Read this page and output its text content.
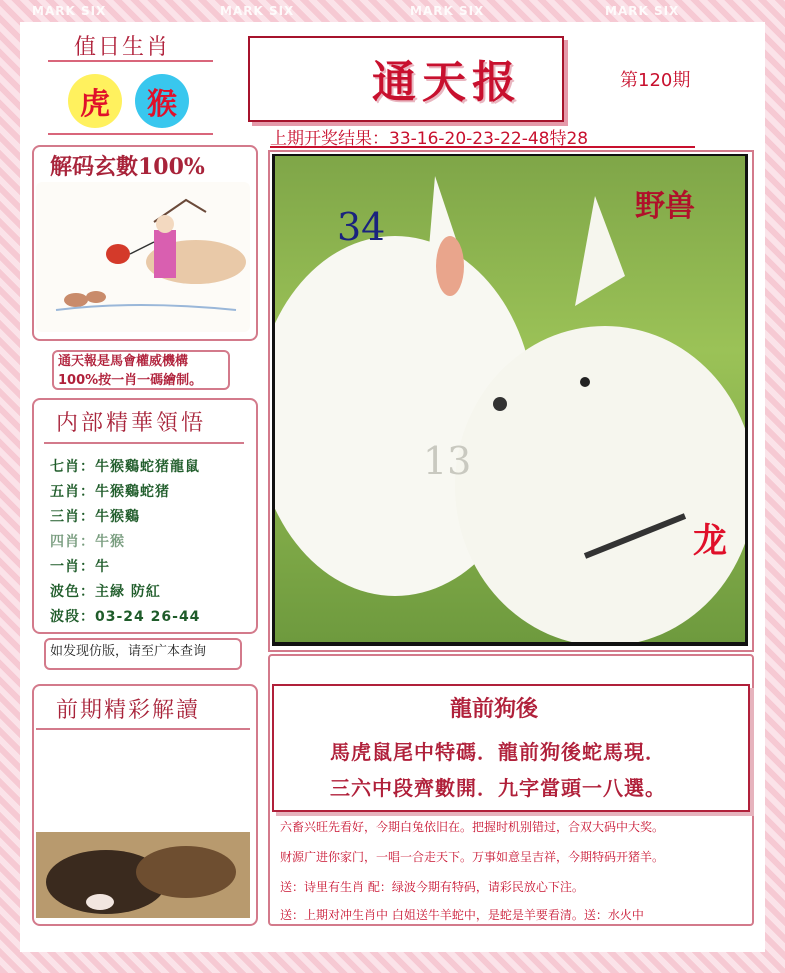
MARK SIX	MARK SIX	MARK SIX	MARK SIX
值日生肖
虎	猴
解码玄數100%
通天報是馬會權威機構
100%按一肖一碼繪制。
内部精華領悟
七肖：牛猴鷄蛇猪龍鼠
五肖：牛猴鷄蛇猪
三肖：牛猴鷄
四肖：牛猴
一肖：牛
波色：主緑 防紅
波段：03-24 26-44
如发现仿版，请至广本查询
前期精彩解讀
通天报	第120期
上期开奖结果：33-16-20-23-22-48特28
34
13
野兽
龙
龍前狗後
馬虎鼠尾中特碼．龍前狗後蛇馬現．
三六中段齊數開．九字當頭一八選。
六畜兴旺先看好，今期白兔依旧在。把握时机别错过，合双大码中大奖。
财源广进你家门，一唱一合走天下。万事如意呈吉祥，今期特码开猪羊。
送：诗里有生肖 配：绿波今期有特码，请彩民放心下注。
送：上期对冲生肖中 白姐送牛羊蛇中，是蛇是羊要看清。送：水火中
